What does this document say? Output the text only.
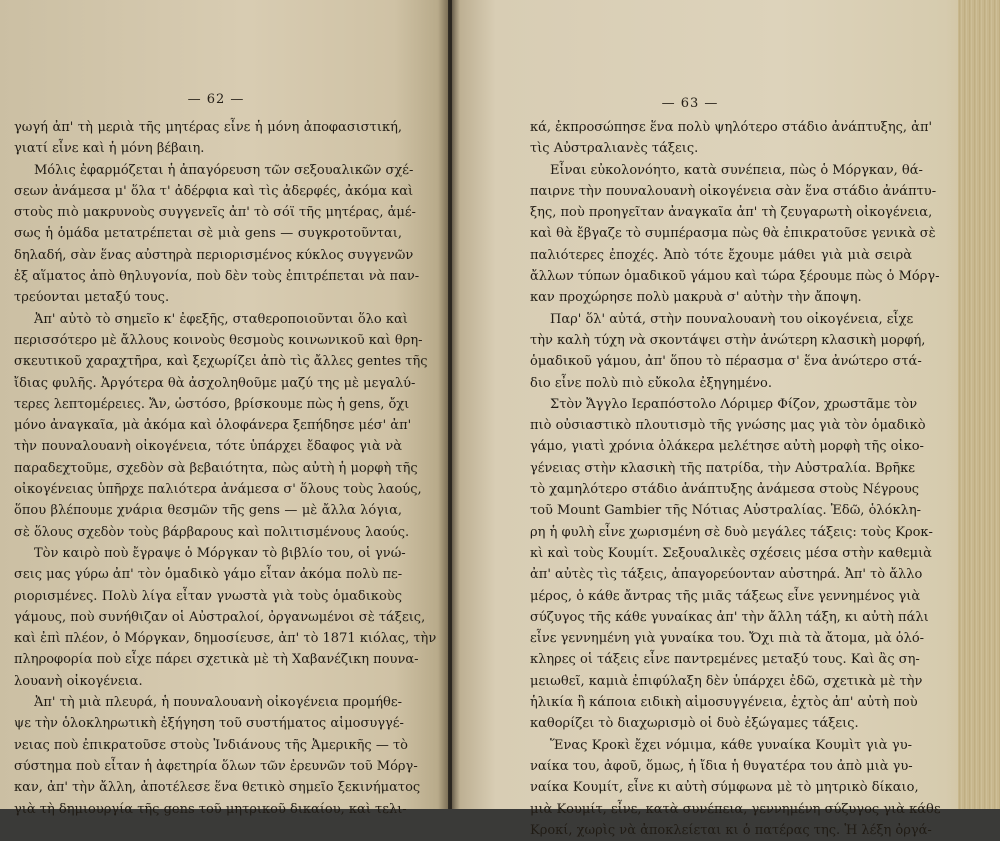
— 62 —
γωγή ἀπ' τὴ μεριὰ τῆς μητέρας εἶνε ἡ μόνη ἀποφασιστική,
γιατί εἶνε καὶ ἡ μόνη βέβαιη.
Μόλις ἐφαρμόζεται ἡ ἀπαγόρευση τῶν σεξουαλικῶν σχέ-
σεων ἀνάμεσα μ' ὅλα τ' ἀδέρφια καὶ τὶς ἀδερφές, ἀκόμα καὶ
στοὺς πιὸ μακρυνοὺς συγγενεῖς ἀπ' τὸ σόϊ τῆς μητέρας, ἀμέ-
σως ἡ ὁμάδα μετατρέπεται σὲ μιὰ gens — συγκροτοῦνται,
δηλαδή, σὰν ἕνας αὐστηρὰ περιορισμένος κύκλος συγγενῶν
ἐξ αἵματος ἀπὸ θηλυγονία, ποὺ δὲν τοὺς ἐπιτρέπεται νὰ παν-
τρεύονται μεταξύ τους.
Ἀπ' αὐτὸ τὸ σημεῖο κ' ἐφεξῆς, σταθεροποιοῦνται ὅλο καὶ
περισσότερο μὲ ἄλλους κοινοὺς θεσμοὺς κοινωνικοῦ καὶ θρη-
σκευτικοῦ χαραχτῆρα, καὶ ξεχωρίζει ἀπὸ τὶς ἄλλες gentes τῆς
ἴδιας φυλῆς. Ἀργότερα θὰ ἀσχοληθοῦμε μαζύ της μὲ μεγαλύ-
τερες λεπτομέρειες. Ἄν, ὡστόσο, βρίσκουμε πὼς ἡ gens, ὄχι
μόνο ἀναγκαῖα, μὰ ἀκόμα καὶ ὁλοφάνερα ξεπήδησε μέσ' ἀπ'
τὴν πουναλουανὴ οἰκογένεια, τότε ὑπάρχει ἔδαφος γιὰ νὰ
παραδεχτοῦμε, σχεδὸν σὰ βεβαιότητα, πὼς αὐτὴ ἡ μορφὴ τῆς
οἰκογένειας ὑπῆρχε παλιότερα ἀνάμεσα σ' ὅλους τοὺς λαούς,
ὅπου βλέπουμε χνάρια θεσμῶν τῆς gens — μὲ ἄλλα λόγια,
σὲ ὅλους σχεδὸν τοὺς βάρβαρους καὶ πολιτισμένους λαούς.
Τὸν καιρὸ ποὺ ἔγραψε ὁ Μόργκαν τὸ βιβλίο του, οἱ γνώ-
σεις μας γύρω ἀπ' τὸν ὁμαδικὸ γάμο εἶταν ἀκόμα πολὺ πε-
ριορισμένες. Πολὺ λίγα εἶταν γνωστὰ γιὰ τοὺς ὁμαδικοὺς
γάμους, ποὺ συνήθιζαν οἱ Αὐστραλοί, ὀργανωμένοι σὲ τάξεις,
καὶ ἐπὶ πλέον, ὁ Μόργκαν, δημοσίευσε, ἀπ' τὸ 1871 κιόλας, τὴν
πληροφορία ποὺ εἶχε πάρει σχετικὰ μὲ τὴ Χαβανέζικη πουνα-
λουανὴ οἰκογένεια.
Ἀπ' τὴ μιὰ πλευρά, ἡ πουναλουανὴ οἰκογένεια προμήθε-
ψε τὴν ὁλοκληρωτικὴ ἐξήγηση τοῦ συστήματος αἱμοσυγγέ-
νειας ποὺ ἐπικρατοῦσε στοὺς Ἰνδιάνους τῆς Ἀμερικῆς — τὸ
σύστημα ποὺ εἶταν ἡ ἀφετηρία ὅλων τῶν ἐρευνῶν τοῦ Μόργ-
καν, ἀπ' τὴν ἄλλη, ἀποτέλεσε ἕνα θετικὸ σημεῖο ξεκινήματος
γιὰ τὴ δημιουργία τῆς gens τοῦ μητρικοῦ δικαίου, καὶ τελι-
— 63 —
κά, ἐκπροσώπησε ἕνα πολὺ ψηλότερο στάδιο ἀνάπτυξης, ἀπ'
τὶς Αὐστραλιανὲς τάξεις.
Εἶναι εὐκολονόητο, κατὰ συνέπεια, πὼς ὁ Μόργκαν, θά-
παιρνε τὴν πουναλουανὴ οἰκογένεια σὰν ἕνα στάδιο ἀνάπτυ-
ξης, ποὺ προηγεῖταν ἀναγκαῖα ἀπ' τὴ ζευγαρωτὴ οἰκογένεια,
καὶ θὰ ἔβγαζε τὸ συμπέρασμα πὼς θὰ ἐπικρατοῦσε γενικὰ σὲ
παλιότερες ἐποχές. Ἀπὸ τότε ἔχουμε μάθει γιὰ μιὰ σειρὰ
ἄλλων τύπων ὁμαδικοῦ γάμου καὶ τώρα ξέρουμε πὼς ὁ Μόργ-
καν προχώρησε πολὺ μακρυὰ σ' αὐτὴν τὴν ἄποψη.
Παρ' ὅλ' αὐτά, στὴν πουναλουανὴ του οἰκογένεια, εἶχε
τὴν καλὴ τύχη νὰ σκοντάψει στὴν ἀνώτερη κλασικὴ μορφή,
ὁμαδικοῦ γάμου, ἀπ' ὅπου τὸ πέρασμα σ' ἕνα ἀνώτερο στά-
διο εἶνε πολὺ πιὸ εὔκολα ἐξηγημένο.
Στὸν Ἄγγλο Ιεραπόστολο Λόριμερ Φίζον, χρωστᾶμε τὸν
πιὸ οὐσιαστικὸ πλουτισμὸ τῆς γνώσης μας γιὰ τὸν ὁμαδικὸ
γάμο, γιατὶ χρόνια ὁλάκερα μελέτησε αὐτὴ μορφὴ τῆς οἰκο-
γένειας στὴν κλασικὴ τῆς πατρίδα, τὴν Αὐστραλία. Βρῆκε
τὸ χαμηλότερο στάδιο ἀνάπτυξης ἀνάμεσα στοὺς Νέγρους
τοῦ Mount Gambier τῆς Νότιας Αὐστραλίας. Ἐδῶ, ὁλόκλη-
ρη ἡ φυλὴ εἶνε χωρισμένη σὲ δυὸ μεγάλες τάξεις: τοὺς Κροκ-
κὶ καὶ τοὺς Κουμίτ. Σεξουαλικὲς σχέσεις μέσα στὴν καθεμιὰ
ἀπ' αὐτὲς τὶς τάξεις, ἀπαγορεύονταν αὐστηρά. Ἀπ' τὸ ἄλλο
μέρος, ὁ κάθε ἄντρας τῆς μιᾶς τάξεως εἶνε γεννημένος γιὰ
σύζυγος τῆς κάθε γυναίκας ἀπ' τὴν ἄλλη τάξη, κι αὐτὴ πάλι
εἶνε γεννημένη γιὰ γυναίκα του. Ὄχι πιὰ τὰ ἄτομα, μὰ ὁλό-
κληρες οἱ τάξεις εἶνε παντρεμένες μεταξύ τους. Καὶ ἂς ση-
μειωθεῖ, καμιὰ ἐπιφύλαξη δὲν ὑπάρχει ἐδῶ, σχετικὰ μὲ τὴν
ἡλικία ἢ κάποια ειδικὴ αἱμοσυγγένεια, ἐχτὸς ἀπ' αὐτὴ ποὺ
καθορίζει τὸ διαχωρισμὸ οἱ δυὸ ἐξώγαμες τάξεις.
Ἕνας Κροκὶ ἔχει νόμιμα, κάθε γυναίκα Κουμὶτ γιὰ γυ-
ναίκα του, ἀφοῦ, ὅμως, ἡ ἴδια ἡ θυγατέρα του ἀπὸ μιὰ γυ-
ναίκα Κουμίτ, εἶνε κι αὐτὴ σύμφωνα μὲ τὸ μητρικὸ δίκαιο,
μιὰ Κουμίτ, εἶνε, κατὰ συνέπεια, γεννημένη σύζυγος γιὰ κάθε
Κροκί, χωρὶς νὰ ἀποκλείεται κι ὁ πατέρας της. Ἡ λέξη ὀργά-
